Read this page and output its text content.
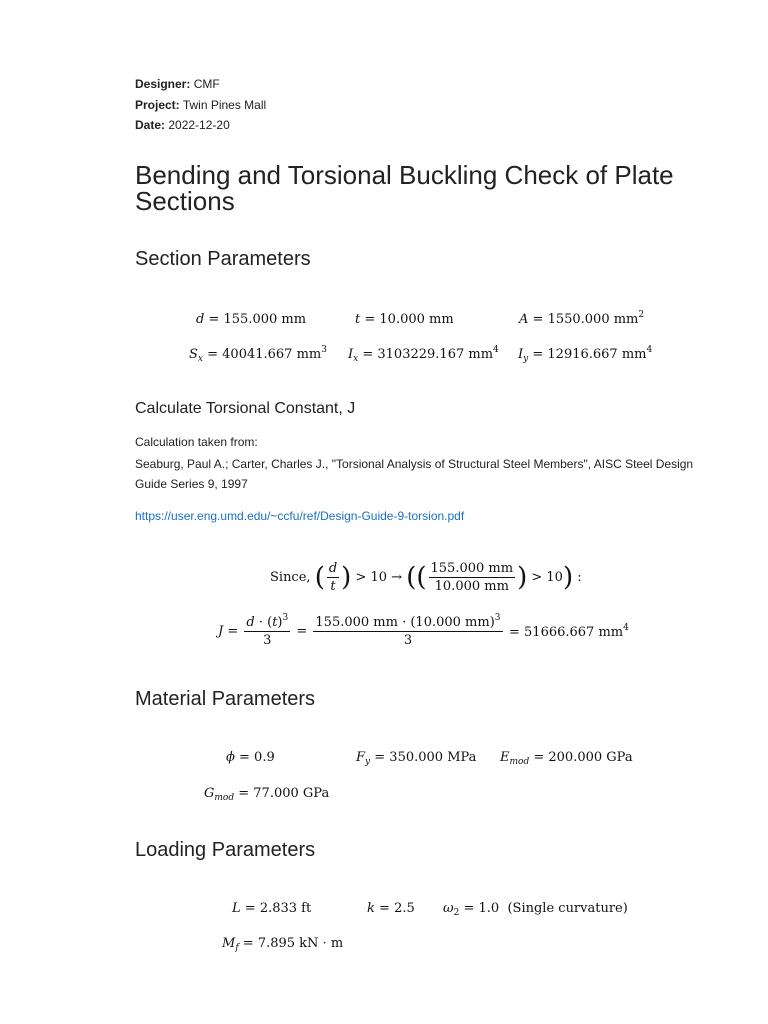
Designer: CMF
Project: Twin Pines Mall
Date: 2022-12-20
Bending and Torsional Buckling Check of Plate Sections
Section Parameters
d = 155.000 mm	t = 10.000 mm	A = 1550.000 $mm^2$
$S_x = 40041.667$ $mm^3$ $I_x = 3103229.167$ $mm^4$ $I_y = 12916.667$ $mm^4$
Calculate Torsional Constant, J
Calculation taken from:
Seaburg, Paul A.; Carter, Charles J., "Torsional Analysis of Structural Steel Members", AISC Steel Design Guide Series 9, 1997
https://user.eng.umd.edu/~ccfu/ref/Design-Guide-9-torsion.pdf
Since, ( $\frac{d}{t}$ ) > 10 → (( $\frac{155.000 mm}{10.000 mm}$ ) > 10) :
$J = \frac{d \cdot (t)^3}{3} = \frac{155.000 mm \cdot (10.000 mm)^3}{3} = 51666.667$ $mm^4$
Material Parameters
ϕ = 0.9	$F_y = 350.000$ MPa $E_{mod} = 200.000$ GPa
$G_{mod} = 77.000$ GPa
Loading Parameters
L = 2.833 ft	k = 2.5 $\omega_2 = 1.0$ (Single curvature)
$M_f = 7.895$ kN · m
